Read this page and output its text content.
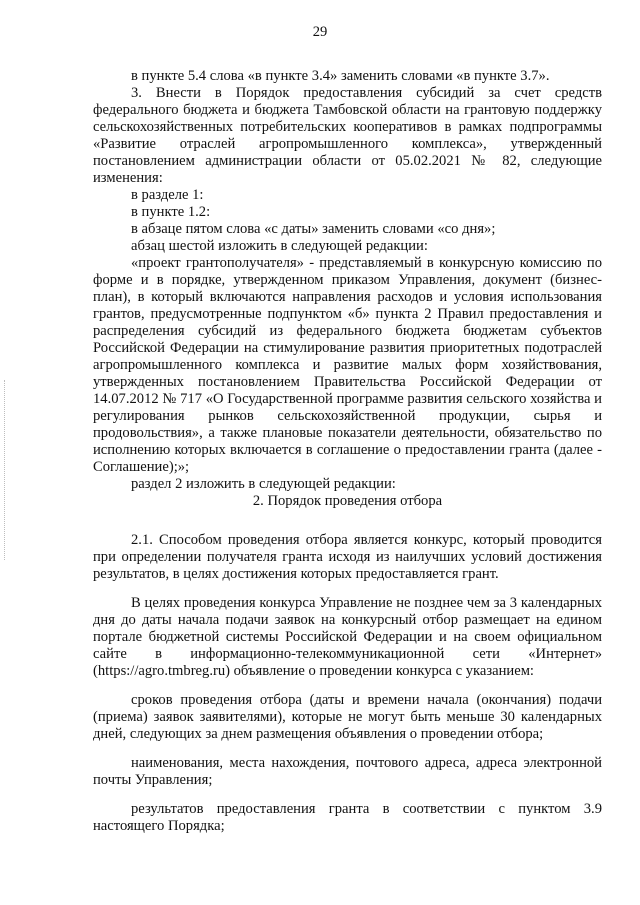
29

в пункте 5.4 слова «в пункте 3.4» заменить словами «в пункте 3.7».

3. Внести в Порядок предоставления субсидий за счет средств федерального бюджета и бюджета Тамбовской области на грантовую поддержку сельскохозяйственных потребительских кооперативов в рамках подпрограммы «Развитие отраслей агропромышленного комплекса», утвержденный постановлением администрации области от 05.02.2021 № 82, следующие изменения:

в разделе 1:

в пункте 1.2:

в абзаце пятом слова «с даты» заменить словами «со дня»;

абзац шестой изложить в следующей редакции:

«проект грантополучателя» - представляемый в конкурсную комиссию по форме и в порядке, утвержденном приказом Управления, документ (бизнес-план), в который включаются направления расходов и условия использования грантов, предусмотренные подпунктом «б» пункта 2 Правил предоставления и распределения субсидий из федерального бюджета бюджетам субъектов Российской Федерации на стимулирование развития приоритетных подотраслей агропромышленного комплекса и развитие малых форм хозяйствования, утвержденных постановлением Правительства Российской Федерации от 14.07.2012 № 717 «О Государственной программе развития сельского хозяйства и регулирования рынков сельскохозяйственной продукции, сырья и продовольствия», а также плановые показатели деятельности, обязательство по исполнению которых включается в соглашение о предоставлении гранта (далее - Соглашение);»;

раздел 2 изложить в следующей редакции:

2. Порядок проведения отбора

2.1. Способом проведения отбора является конкурс, который проводится при определении получателя гранта исходя из наилучших условий достижения результатов, в целях достижения которых предоставляется грант.

В целях проведения конкурса Управление не позднее чем за 3 календарных дня до даты начала подачи заявок на конкурсный отбор размещает на едином портале бюджетной системы Российской Федерации и на своем официальном сайте в информационно-телекоммуникационной сети «Интернет» (https://agro.tmbreg.ru) объявление о проведении конкурса с указанием:

сроков проведения отбора (даты и времени начала (окончания) подачи (приема) заявок заявителями), которые не могут быть меньше 30 календарных дней, следующих за днем размещения объявления о проведении отбора;

наименования, места нахождения, почтового адреса, адреса электронной почты Управления;

результатов предоставления гранта в соответствии с пунктом 3.9 настоящего Порядка;
